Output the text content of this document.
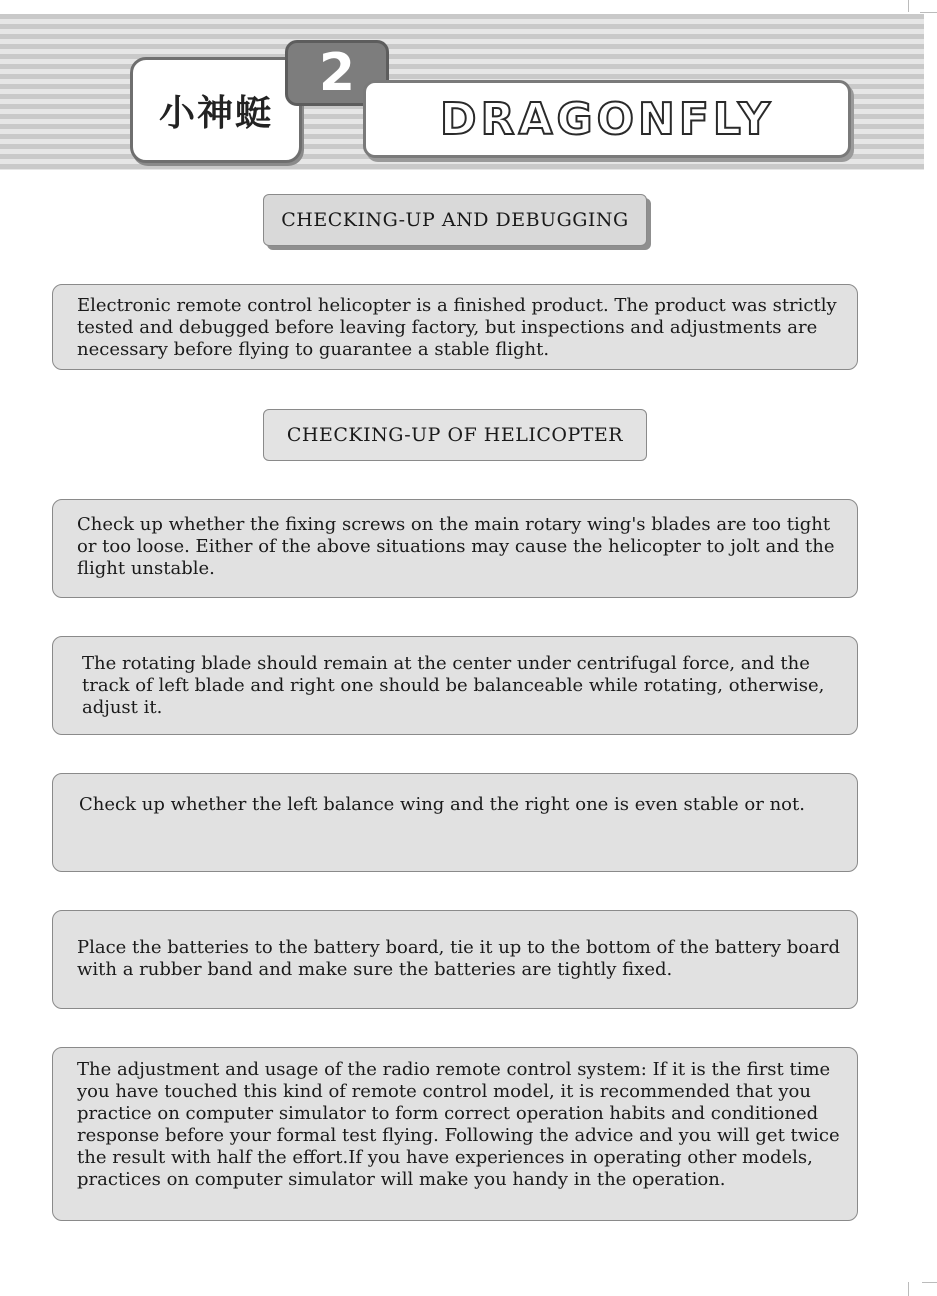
小神蜓
2
DRAGONFLY
CHECKING-UP AND DEBUGGING
Electronic remote control helicopter is a finished product. The product was strictly tested and debugged before leaving factory, but inspections and adjustments are necessary before flying to guarantee a stable flight.
CHECKING-UP OF HELICOPTER
Check up whether the fixing screws on the main rotary wing's blades are too tight or too loose. Either of the above situations may cause the helicopter to jolt and the flight unstable.
The rotating blade should remain at the center under centrifugal force, and the track of left blade and right one should be balanceable while rotating, otherwise, adjust it.
Check up whether the left balance wing and the right one is even stable or not.
Place the batteries to the battery board, tie it up to the bottom of the battery board with a rubber band and make sure the batteries are tightly fixed.
The adjustment and usage of the radio remote control system: If it is the first time you have touched this kind of remote control model, it is recommended that you practice on computer simulator to form correct operation habits and conditioned response before your formal test flying. Following the advice and you will get twice the result with half the effort.If you have experiences in operating other models, practices on computer simulator will make you handy in the operation.
